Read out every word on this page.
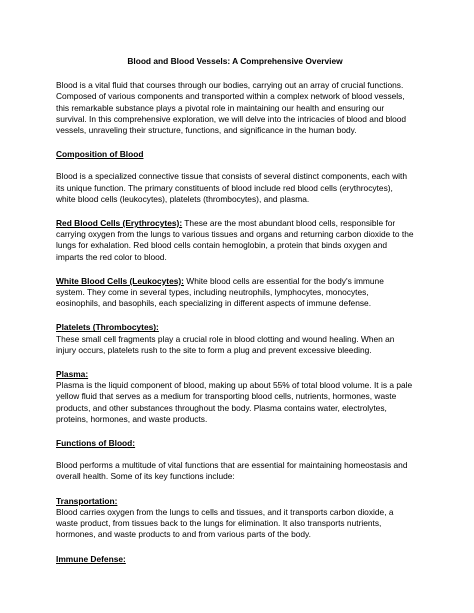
Blood and Blood Vessels: A Comprehensive Overview

Blood is a vital fluid that courses through our bodies, carrying out an array of crucial functions. Composed of various components and transported within a complex network of blood vessels, this remarkable substance plays a pivotal role in maintaining our health and ensuring our survival. In this comprehensive exploration, we will delve into the intricacies of blood and blood vessels, unraveling their structure, functions, and significance in the human body.

Composition of Blood

Blood is a specialized connective tissue that consists of several distinct components, each with its unique function. The primary constituents of blood include red blood cells (erythrocytes), white blood cells (leukocytes), platelets (thrombocytes), and plasma.

Red Blood Cells (Erythrocytes): These are the most abundant blood cells, responsible for carrying oxygen from the lungs to various tissues and organs and returning carbon dioxide to the lungs for exhalation. Red blood cells contain hemoglobin, a protein that binds oxygen and imparts the red color to blood.

White Blood Cells (Leukocytes): White blood cells are essential for the body's immune system. They come in several types, including neutrophils, lymphocytes, monocytes, eosinophils, and basophils, each specializing in different aspects of immune defense.

Platelets (Thrombocytes):

These small cell fragments play a crucial role in blood clotting and wound healing. When an injury occurs, platelets rush to the site to form a plug and prevent excessive bleeding.

Plasma:

Plasma is the liquid component of blood, making up about 55% of total blood volume. It is a pale yellow fluid that serves as a medium for transporting blood cells, nutrients, hormones, waste products, and other substances throughout the body. Plasma contains water, electrolytes, proteins, hormones, and waste products.

Functions of Blood:

Blood performs a multitude of vital functions that are essential for maintaining homeostasis and overall health. Some of its key functions include:

Transportation:

Blood carries oxygen from the lungs to cells and tissues, and it transports carbon dioxide, a waste product, from tissues back to the lungs for elimination. It also transports nutrients, hormones, and waste products to and from various parts of the body.

Immune Defense:
